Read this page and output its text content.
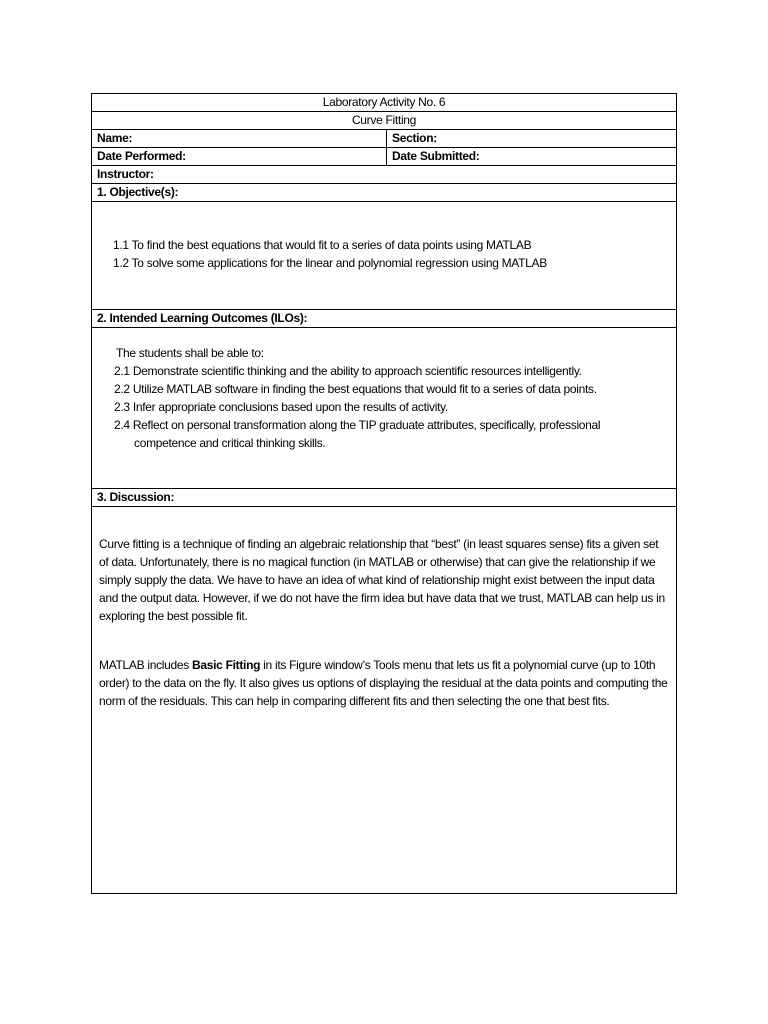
Laboratory Activity No. 6
Curve Fitting
Name:	Section:
Date Performed:	Date Submitted:
Instructor:
1. Objective(s):
1.1 To find the best equations that would fit to a series of data points using MATLAB
1.2 To solve some applications for the linear and polynomial regression using MATLAB
2. Intended Learning Outcomes (ILOs):
The students shall be able to:
2.1 Demonstrate scientific thinking and the ability to approach scientific resources intelligently.
2.2 Utilize MATLAB software in finding the best equations that would fit to a series of data points.
2.3 Infer appropriate conclusions based upon the results of activity.
2.4 Reflect on personal transformation along the TIP graduate attributes, specifically, professional
competence and critical thinking skills.
3. Discussion:

Curve fitting is a technique of finding an algebraic relationship that “best” (in least squares sense) fits a given set of data. Unfortunately, there is no magical function (in MATLAB or otherwise) that can give the relationship if we simply supply the data. We have to have an idea of what kind of relationship might exist between the input data and the output data. However, if we do not have the firm idea but have data that we trust, MATLAB can help us in exploring the best possible fit.

MATLAB includes Basic Fitting in its Figure window’s Tools menu that lets us fit a polynomial curve (up to 10th order) to the data on the fly. It also gives us options of displaying the residual at the data points and computing the norm of the residuals. This can help in comparing different fits and then selecting the one that best fits.
